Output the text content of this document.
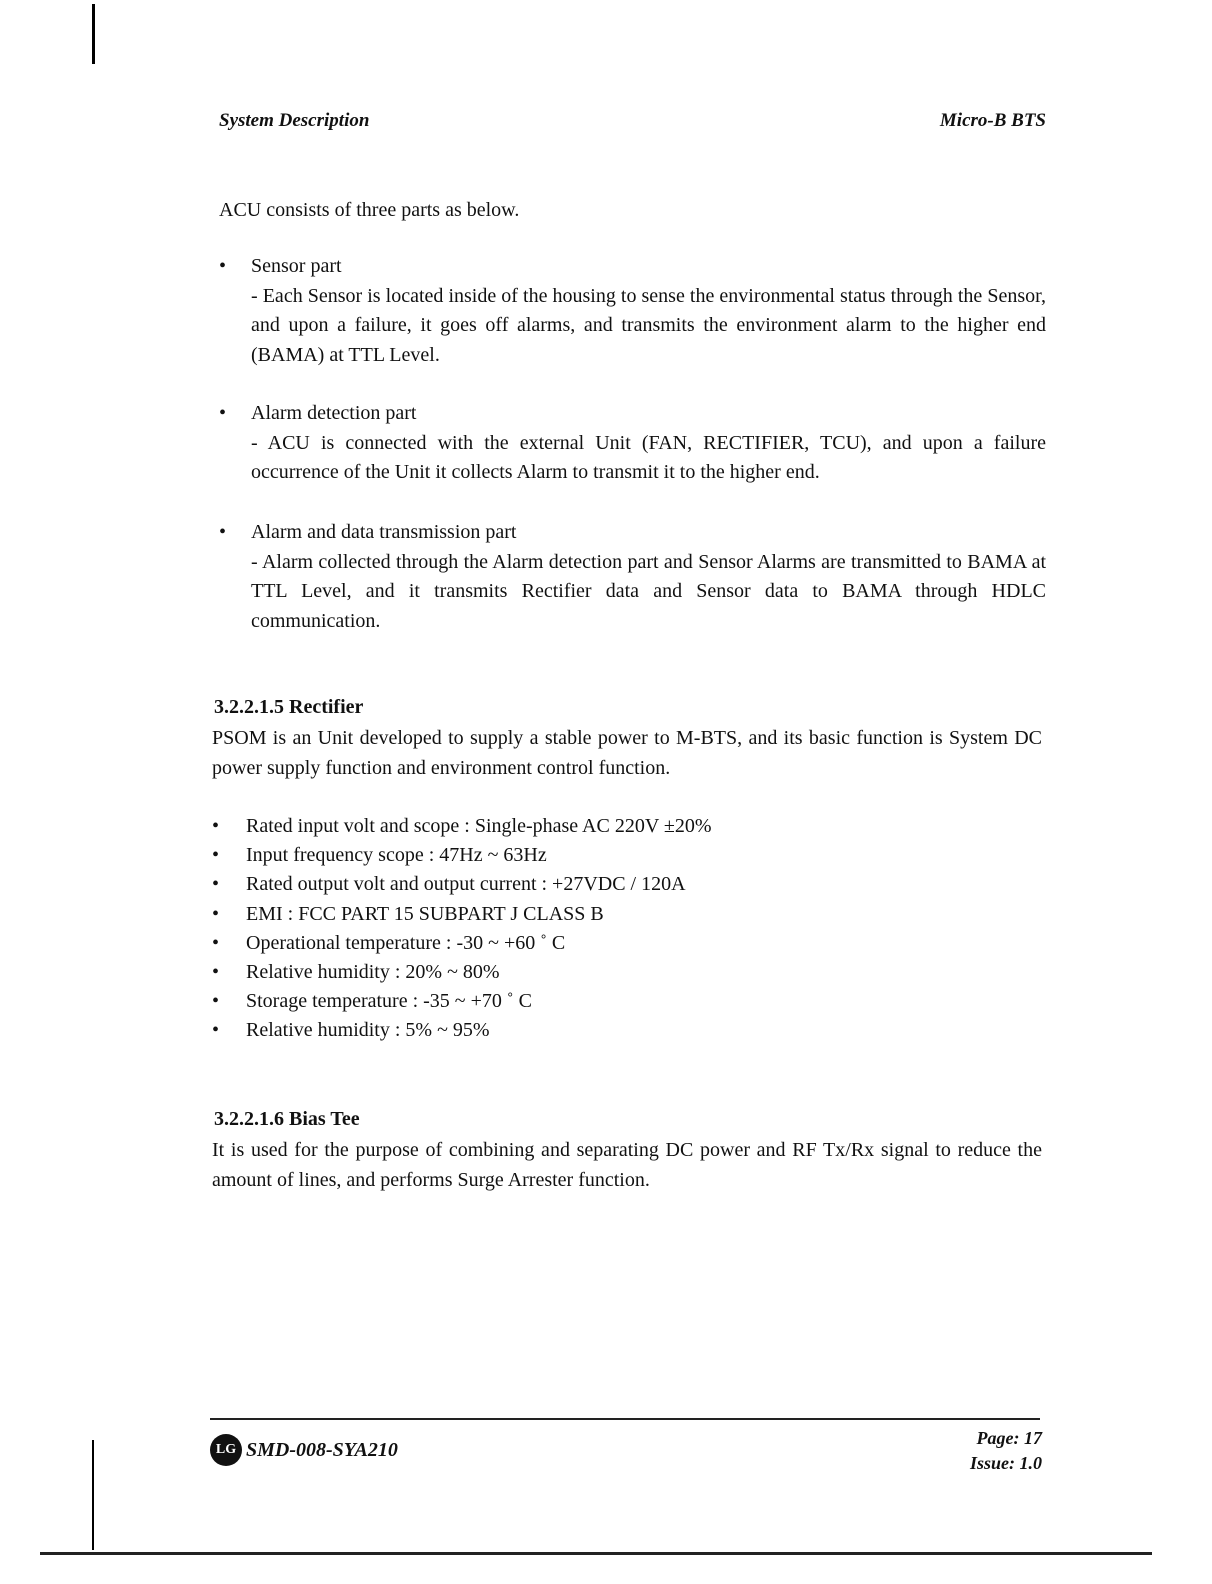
System Description	Micro-B BTS
ACU consists of three parts as below.
•	Sensor part
- Each Sensor is located inside of the housing to sense the environmental status through the Sensor, and upon a failure, it goes off alarms, and transmits the environment alarm to the higher end (BAMA) at TTL Level.
•	Alarm detection part
- ACU is connected with the external Unit (FAN, RECTIFIER, TCU), and upon a failure occurrence of the Unit it collects Alarm to transmit it to the higher end.
•	Alarm and data transmission part
- Alarm collected through the Alarm detection part and Sensor Alarms are transmitted to BAMA at TTL Level, and it transmits Rectifier data and Sensor data to BAMA through HDLC communication.
3.2.2.1.5 Rectifier
PSOM is an Unit developed to supply a stable power to M-BTS, and its basic function is System DC power supply function and environment control function.
• Rated input volt and scope : Single-phase AC 220V ±20%
• Input frequency scope : 47Hz ~ 63Hz
• Rated output volt and output current : +27VDC / 120A
• EMI : FCC PART 15 SUBPART J CLASS B
• Operational temperature : -30 ~ +60 ˚ C
• Relative humidity : 20% ~ 80%
• Storage temperature : -35 ~ +70 ˚ C
• Relative humidity : 5% ~ 95%
3.2.2.1.6 Bias Tee
It is used for the purpose of combining and separating DC power and RF Tx/Rx signal to reduce the amount of lines, and performs Surge Arrester function.
LG SMD-008-SYA210
Page: 17
Issue: 1.0
